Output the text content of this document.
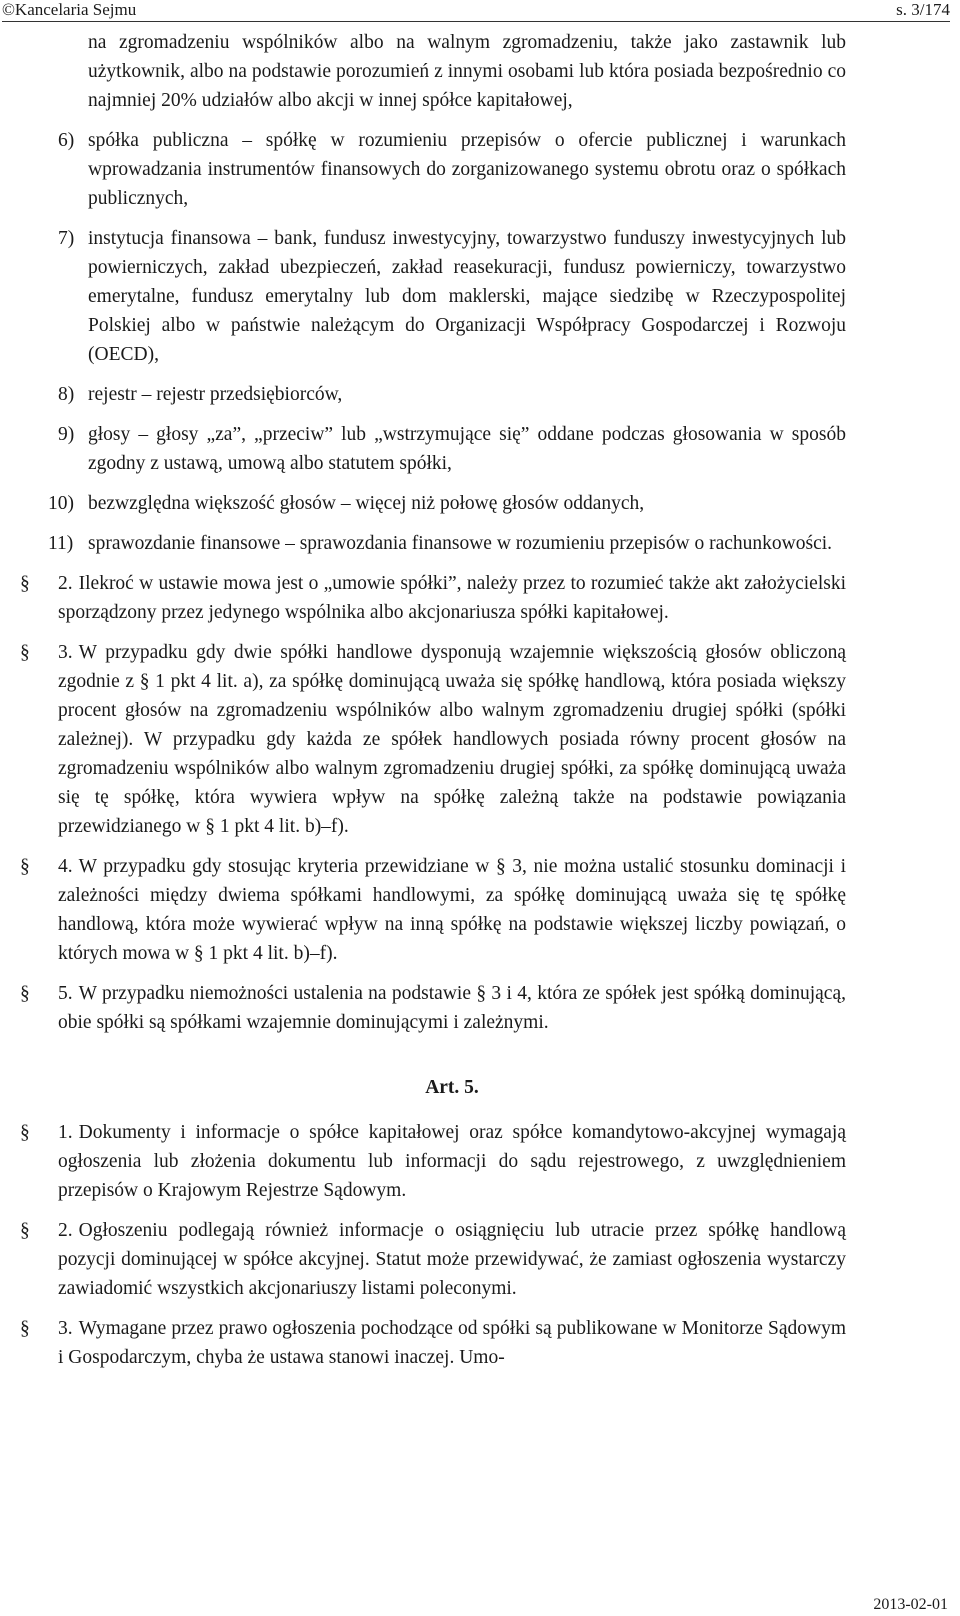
©Kancelaria Sejmu	s. 3/174
na zgromadzeniu wspólników albo na walnym zgromadzeniu, także jako zastawnik lub użytkownik, albo na podstawie porozumień z innymi osobami lub która posiada bezpośrednio co najmniej 20% udziałów albo akcji w innej spółce kapitałowej,
6) spółka publiczna – spółkę w rozumieniu przepisów o ofercie publicznej i warunkach wprowadzania instrumentów finansowych do zorganizowanego systemu obrotu oraz o spółkach publicznych,
7) instytucja finansowa – bank, fundusz inwestycyjny, towarzystwo funduszy inwestycyjnych lub powierniczych, zakład ubezpieczeń, zakład reasekuracji, fundusz powierniczy, towarzystwo emerytalne, fundusz emerytalny lub dom maklerski, mające siedzibę w Rzeczypospolitej Polskiej albo w państwie należącym do Organizacji Współpracy Gospodarczej i Rozwoju (OECD),
8) rejestr – rejestr przedsiębiorców,
9) głosy – głosy „za”, „przeciw” lub „wstrzymujące się” oddane podczas głosowania w sposób zgodny z ustawą, umową albo statutem spółki,
10) bezwzględna większość głosów – więcej niż połowę głosów oddanych,
11) sprawozdanie finansowe – sprawozdania finansowe w rozumieniu przepisów o rachunkowości.
§ 2. Ilekroć w ustawie mowa jest o „umowie spółki”, należy przez to rozumieć także akt założycielski sporządzony przez jedynego wspólnika albo akcjonariusza spółki kapitałowej.
§ 3. W przypadku gdy dwie spółki handlowe dysponują wzajemnie większością głosów obliczoną zgodnie z § 1 pkt 4 lit. a), za spółkę dominującą uważa się spółkę handlową, która posiada większy procent głosów na zgromadzeniu wspólników albo walnym zgromadzeniu drugiej spółki (spółki zależnej). W przypadku gdy każda ze spółek handlowych posiada równy procent głosów na zgromadzeniu wspólników albo walnym zgromadzeniu drugiej spółki, za spółkę dominującą uważa się tę spółkę, która wywiera wpływ na spółkę zależną także na podstawie powiązania przewidzianego w § 1 pkt 4 lit. b)–f).
§ 4. W przypadku gdy stosując kryteria przewidziane w § 3, nie można ustalić stosunku dominacji i zależności między dwiema spółkami handlowymi, za spółkę dominującą uważa się tę spółkę handlową, która może wywierać wpływ na inną spółkę na podstawie większej liczby powiązań, o których mowa w § 1 pkt 4 lit. b)–f).
§ 5. W przypadku niemożności ustalenia na podstawie § 3 i 4, która ze spółek jest spółką dominującą, obie spółki są spółkami wzajemnie dominującymi i zależnymi.
Art. 5.
§ 1. Dokumenty i informacje o spółce kapitałowej oraz spółce komandytowo-akcyjnej wymagają ogłoszenia lub złożenia dokumentu lub informacji do sądu rejestrowego, z uwzględnieniem przepisów o Krajowym Rejestrze Sądowym.
§ 2. Ogłoszeniu podlegają również informacje o osiągnięciu lub utracie przez spółkę handlową pozycji dominującej w spółce akcyjnej. Statut może przewidywać, że zamiast ogłoszenia wystarczy zawiadomić wszystkich akcjonariuszy listami poleconymi.
§ 3. Wymagane przez prawo ogłoszenia pochodzące od spółki są publikowane w Monitorze Sądowym i Gospodarczym, chyba że ustawa stanowi inaczej. Umo-
2013-02-01
